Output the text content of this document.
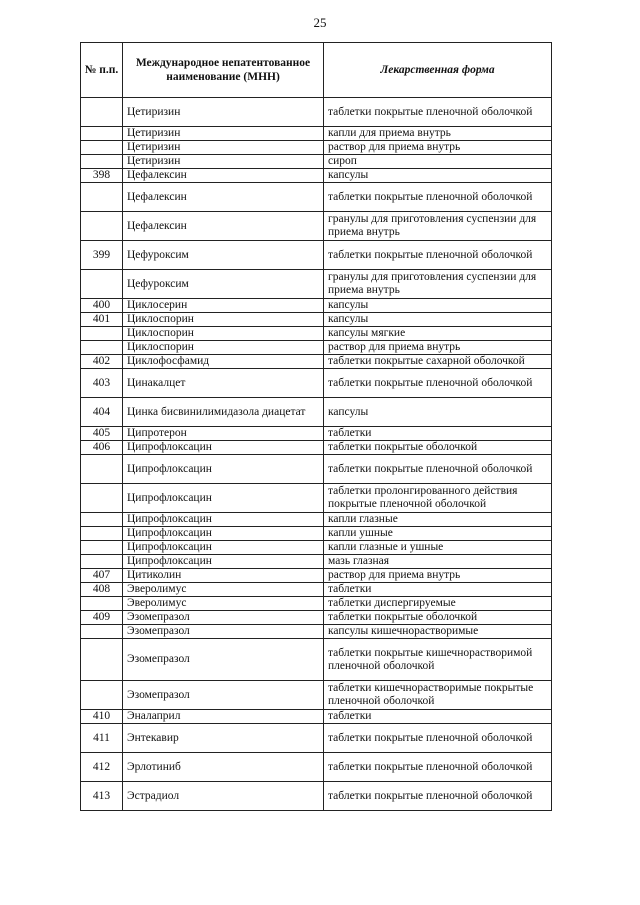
25
№ п.п.	Международное непатентованное наименование (МНН)	Лекарственная форма
	Цетиризин	таблетки покрытые пленочной оболочкой
	Цетиризин	капли для приема внутрь
	Цетиризин	раствор для приема внутрь
	Цетиризин	сироп
398	Цефалексин	капсулы
	Цефалексин	таблетки покрытые пленочной оболочкой
	Цефалексин	гранулы для приготовления суспензии для приема внутрь
399	Цефуроксим	таблетки покрытые пленочной оболочкой
	Цефуроксим	гранулы для приготовления суспензии для приема внутрь
400	Циклосерин	капсулы
401	Циклоспорин	капсулы
	Циклоспорин	капсулы мягкие
	Циклоспорин	раствор для приема внутрь
402	Циклофосфамид	таблетки покрытые сахарной оболочкой
403	Цинакалцет	таблетки покрытые пленочной оболочкой
404	Цинка бисвинилимидазола диацетат	капсулы
405	Ципротерон	таблетки
406	Ципрофлоксацин	таблетки покрытые оболочкой
	Ципрофлоксацин	таблетки покрытые пленочной оболочкой
	Ципрофлоксацин	таблетки пролонгированного действия покрытые пленочной оболочкой
	Ципрофлоксацин	капли глазные
	Ципрофлоксацин	капли ушные
	Ципрофлоксацин	капли глазные и ушные
	Ципрофлоксацин	мазь глазная
407	Цитиколин	раствор для приема внутрь
408	Эверолимус	таблетки
	Эверолимус	таблетки диспергируемые
409	Эзомепразол	таблетки покрытые оболочкой
	Эзомепразол	капсулы кишечнорастворимые
	Эзомепразол	таблетки покрытые кишечнорастворимой пленочной оболочкой
	Эзомепразол	таблетки кишечнорастворимые покрытые пленочной оболочкой
410	Эналаприл	таблетки
411	Энтекавир	таблетки покрытые пленочной оболочкой
412	Эрлотиниб	таблетки покрытые пленочной оболочкой
413	Эстрадиол	таблетки покрытые пленочной оболочкой
